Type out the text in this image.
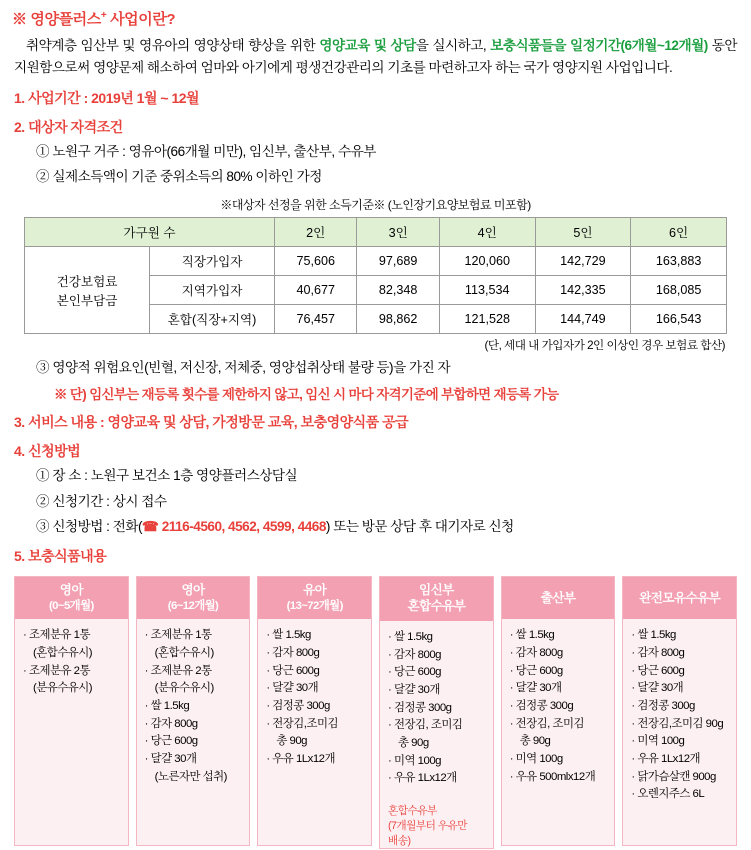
※ 영양플러스+ 사업이란?
취약계층 임산부 및 영유아의 영양상태 향상을 위한 영양교육 및 상담을 실시하고, 보충식품들을 일정기간(6개월~12개월) 동안 지원함으로써 영양문제 해소하여 엄마와 아기에게 평생건강관리의 기초를 마련하고자 하는 국가 영양지원 사업입니다.
1. 사업기간 : 2019년 1월 ~ 12월
2. 대상자 자격조건
① 노원구 거주 : 영유아(66개월 미만), 임신부, 출산부, 수유부
② 실제소득액이 기준 중위소득의 80% 이하인 가정
※대상자 선정을 위한 소득기준※ (노인장기요양보험료 미포함)
가구원 수		2인	3인	4인	5인	6인

건강보험료
본인부담금	직장가입자	75,606	97,689	120,060	142,729	163,883
	지역가입자	40,677	82,348	113,534	142,335	168,085
	혼합(직장+지역)	76,457	98,862	121,528	144,749	166,543
(단, 세대 내 가입자가 2인 이상인 경우 보험료 합산)
③ 영양적 위험요인(빈혈, 저신장, 저체중, 영양섭취상태 불량 등)을 가진 자
※ 단) 임신부는 재등록 횟수를 제한하지 않고, 임신 시 마다 자격기준에 부합하면 재등록 가능
3. 서비스 내용 : 영양교육 및 상담, 가정방문 교육, 보충영양식품 공급
4. 신청방법
① 장 소 : 노원구 보건소 1층 영양플러스상담실
② 신청기간 : 상시 접수
③ 신청방법 : 전화(☎ 2116-4560, 4562, 4599, 4468) 또는 방문 상담 후 대기자로 신청
5. 보충식품내용
영아
(0~5개월)
· 조제분유 1통
(혼합수유시)
· 조제분유 2통
(분유수유시)
영아
(6~12개월)
· 조제분유 1통
(혼합수유시)
· 조제분유 2통
(분유수유시)
· 쌀 1.5kg
· 감자 800g
· 당근 600g
· 달걀 30개
(노른자만 섭취)
유아
(13~72개월)
· 쌀 1.5kg
· 감자 800g
· 당근 600g
· 달걀 30개
· 검정콩 300g
· 전장김,조미김
총 90g
· 우유 1Lx12개
임신부
혼합수유부
· 쌀 1.5kg
· 감자 800g
· 당근 600g
· 달걀 30개
· 검정콩 300g
· 전장김, 조미김
총 90g
· 미역 100g
· 우유 1Lx12개
혼합수유부
(7개월부터 우유만
배송)
출산부
· 쌀 1.5kg
· 감자 800g
· 당근 600g
· 달걀 30개
· 검정콩 300g
· 전장김, 조미김
총 90g
· 미역 100g
· 우유 500mlx12개
완전모유수유부
· 쌀 1.5kg
· 감자 800g
· 당근 600g
· 달걀 30개
· 검정콩 300g
· 전장김,조미김 90g
· 미역 100g
· 우유 1Lx12개
· 닭가슴살캔 900g
· 오렌지주스 6L
